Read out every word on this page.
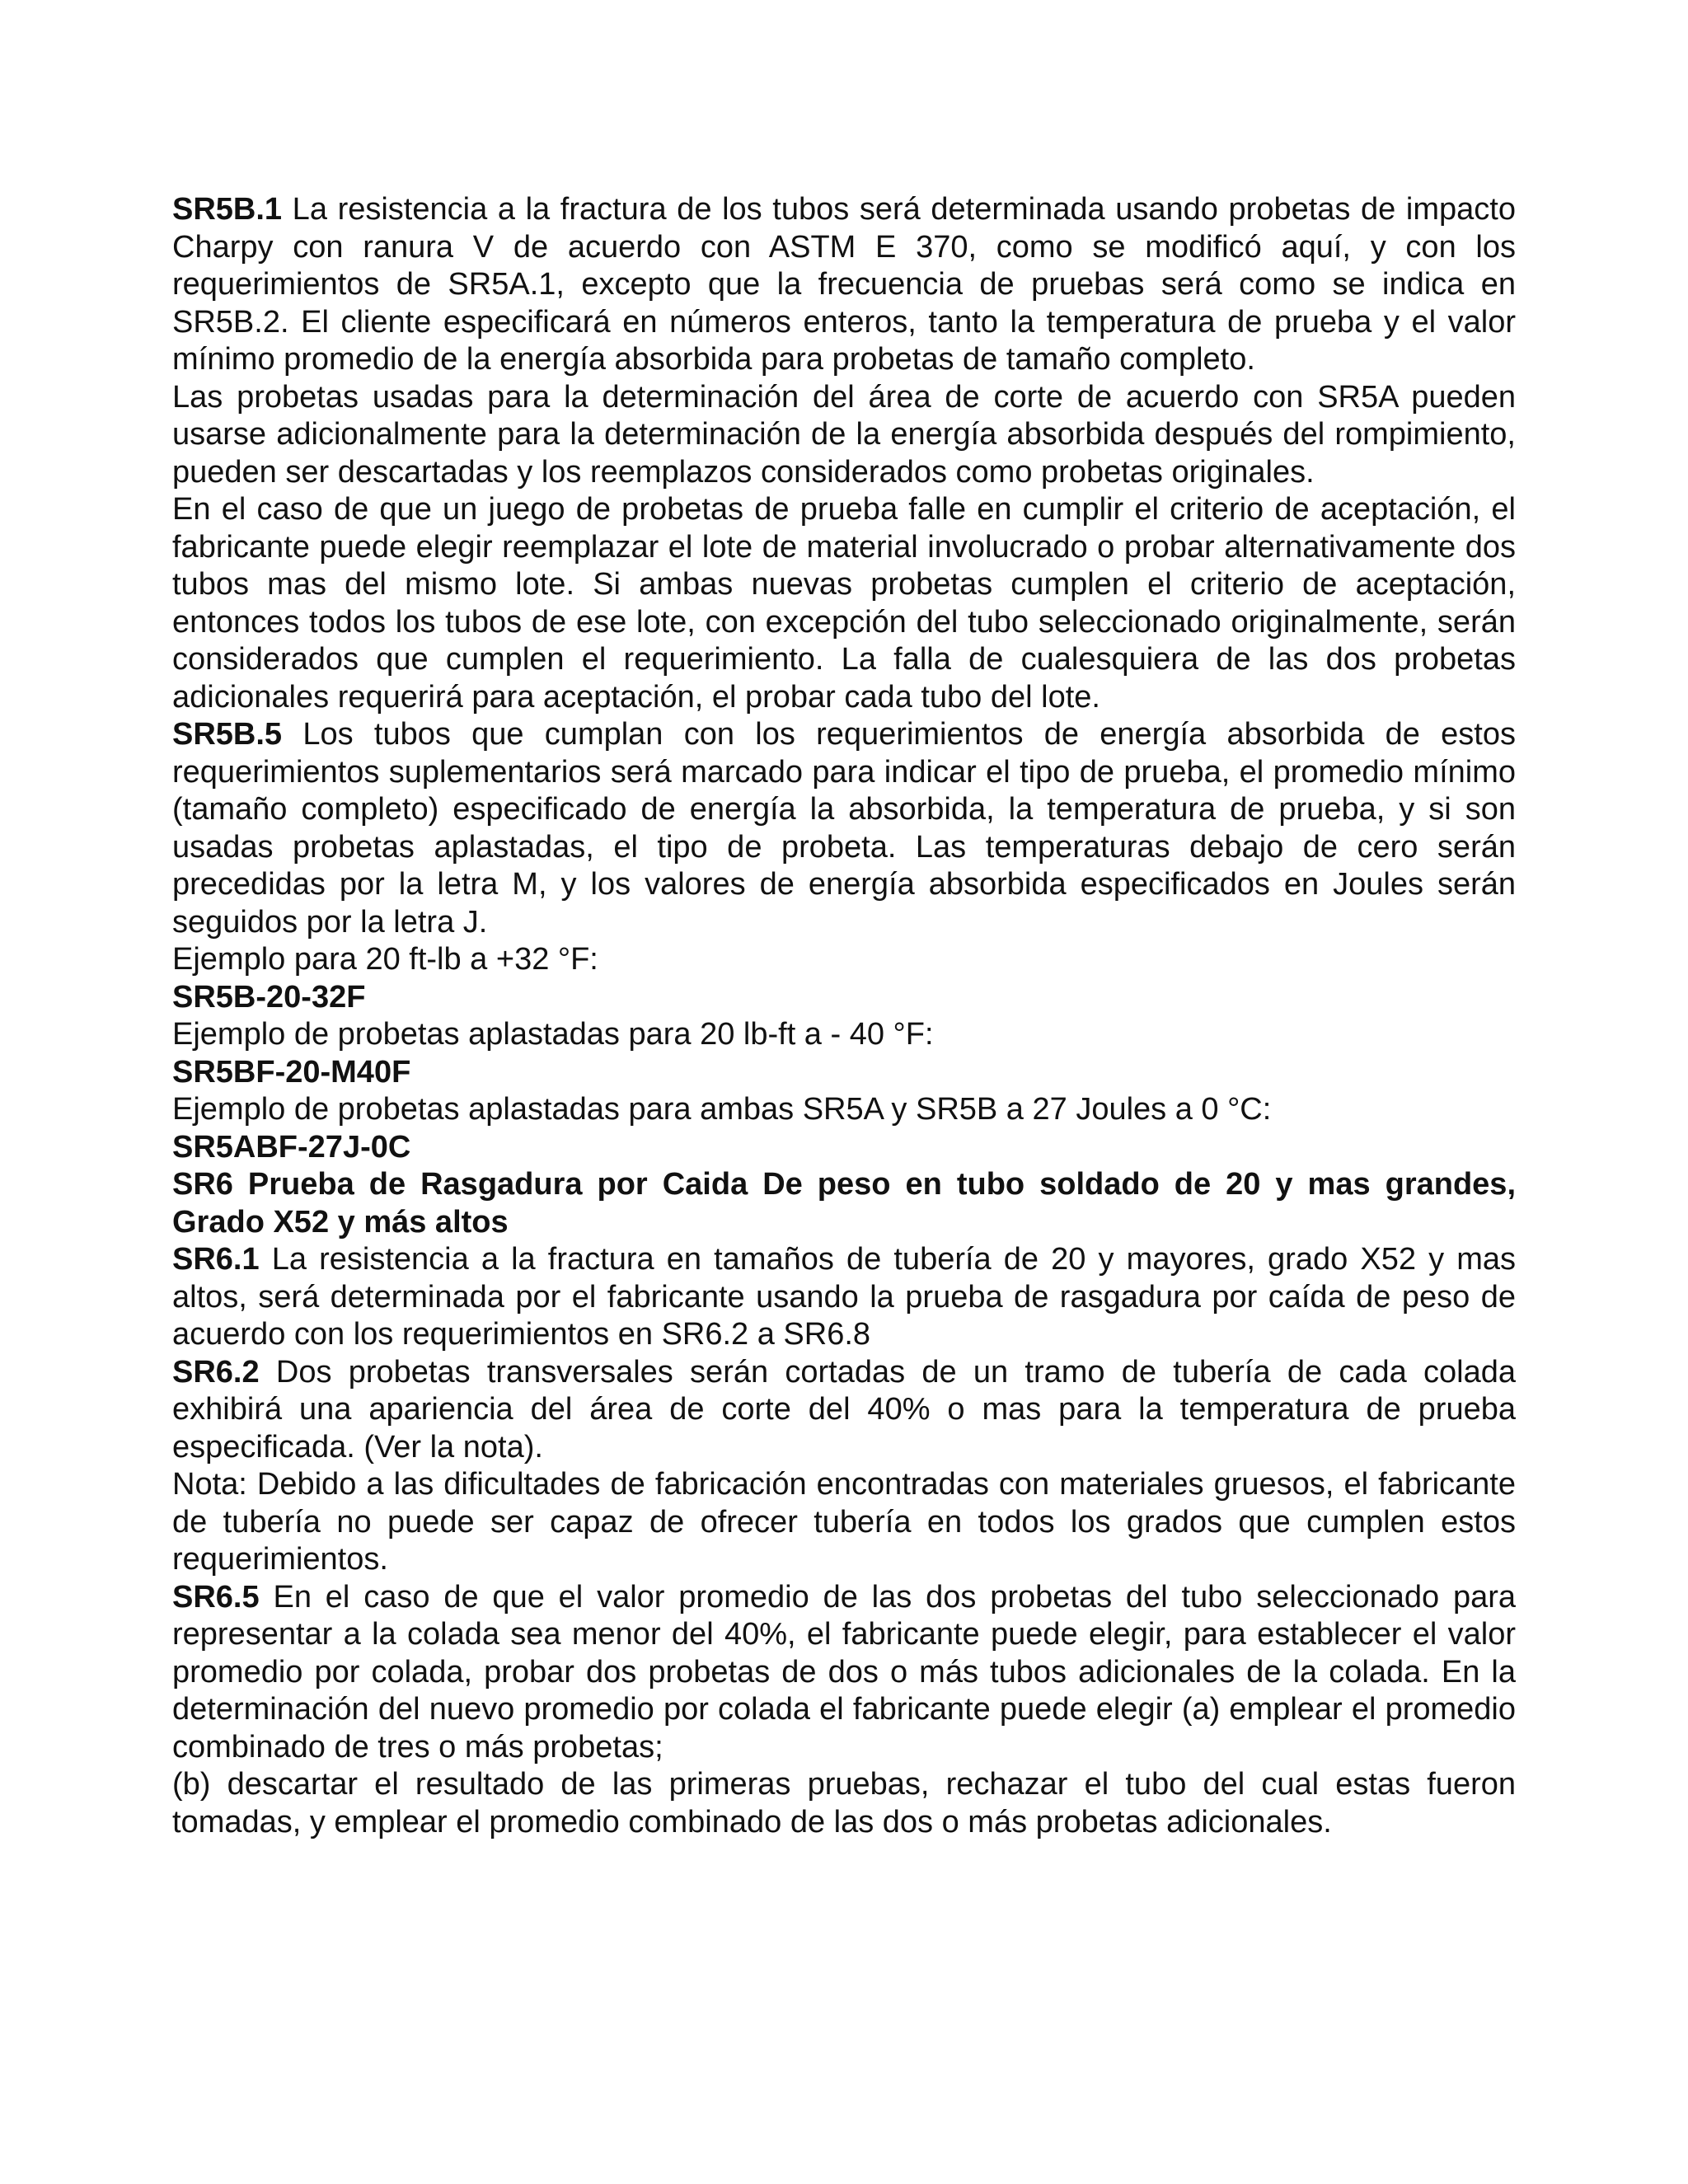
SR5B.1 La resistencia a la fractura de los tubos será determinada usando probetas de impacto Charpy con ranura V de acuerdo con ASTM E 370, como se modificó aquí, y con los requerimientos de SR5A.1, excepto que la frecuencia de pruebas será como se indica en SR5B.2. El cliente especificará en números enteros, tanto la temperatura de prueba y el valor mínimo promedio de la energía absorbida para probetas de tamaño completo.

Las probetas usadas para la determinación del área de corte de acuerdo con SR5A pueden usarse adicionalmente para la determinación de la energía absorbida después del rompimiento, pueden ser descartadas y los reemplazos considerados como probetas originales.

En el caso de que un juego de probetas de prueba falle en cumplir el criterio de aceptación, el fabricante puede elegir reemplazar el lote de material involucrado o probar alternativamente dos tubos mas del mismo lote. Si ambas nuevas probetas cumplen el criterio de aceptación, entonces todos los tubos de ese lote, con excepción del tubo seleccionado originalmente, serán considerados que cumplen el requerimiento. La falla de cualesquiera de las dos probetas adicionales requerirá para aceptación, el probar cada tubo del lote.

SR5B.5 Los tubos que cumplan con los requerimientos de energía absorbida de estos requerimientos suplementarios será marcado para indicar el tipo de prueba, el promedio mínimo (tamaño completo) especificado de energía la absorbida, la temperatura de prueba, y si son usadas probetas aplastadas, el tipo de probeta. Las temperaturas debajo de cero serán precedidas por la letra M, y los valores de energía absorbida especificados en Joules serán seguidos por la letra J.

Ejemplo para 20 ft-lb a +32 °F:

SR5B-20-32F

Ejemplo de probetas aplastadas para 20 lb-ft a - 40 °F:

SR5BF-20-M40F

Ejemplo de probetas aplastadas para ambas SR5A y SR5B a 27 Joules a 0 °C:

SR5ABF-27J-0C

SR6 Prueba de Rasgadura por Caida De peso en tubo soldado de 20 y mas grandes, Grado X52 y más altos

SR6.1 La resistencia a la fractura en tamaños de tubería de 20 y mayores, grado X52 y mas altos, será determinada por el fabricante usando la prueba de rasgadura por caída de peso de acuerdo con los requerimientos en SR6.2 a SR6.8

SR6.2 Dos probetas transversales serán cortadas de un tramo de tubería de cada colada exhibirá una apariencia del área de corte del 40% o mas para la temperatura de prueba especificada. (Ver la nota).

Nota: Debido a las dificultades de fabricación encontradas con materiales gruesos, el fabricante de tubería no puede ser capaz de ofrecer tubería en todos los grados que cumplen estos requerimientos.

SR6.5 En el caso de que el valor promedio de las dos probetas del tubo seleccionado para representar a la colada sea menor del 40%, el fabricante puede elegir, para establecer el valor promedio por colada, probar dos probetas de dos o más tubos adicionales de la colada. En la determinación del nuevo promedio por colada el fabricante puede elegir (a) emplear el promedio combinado de tres o más probetas;

(b) descartar el resultado de las primeras pruebas, rechazar el tubo del cual estas fueron tomadas, y emplear el promedio combinado de las dos o más probetas adicionales.
